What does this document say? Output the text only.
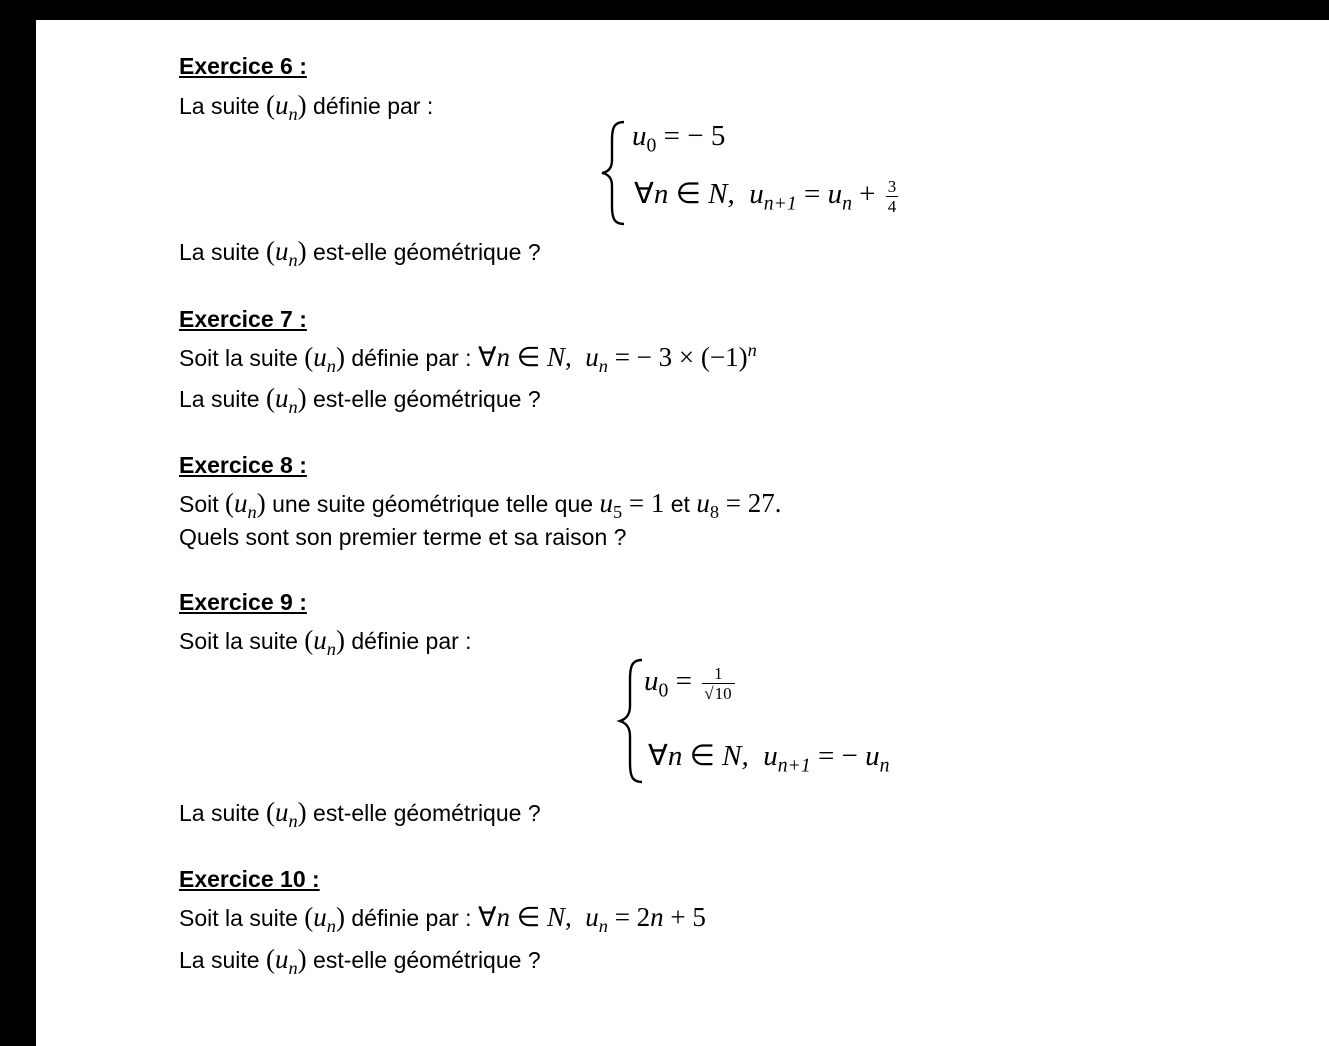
Exercice 6 :
La suite $(u_n)$ définie par :
$u_0$ = − 5
∀n ∈ N, $u_{n+1} = u_n + \frac{3}{4}$
La suite $(u_n)$ est-elle géométrique ?
Exercice 7 :
Soit la suite $(u_n)$ définie par : ∀n ∈ N, $u_n$ = − $3 \times (-1)^n$
La suite $(u_n)$ est-elle géométrique ?
Exercice 8 :
Soit $(u_n)$ une suite géométrique telle que $u_5 = 1$ et $u_8 = 27$.
Quels sont son premier terme et sa raison ?
Exercice 9 :
Soit la suite $(u_n)$ définie par :
$u_0 = \frac{1}{√10}$
∀n ∈ N, $u_{n+1}$ = − $u_n$
La suite $(u_n)$ est-elle géométrique ?
Exercice 10 :
Soit la suite $(u_n)$ définie par : ∀n ∈ N, $u_n = 2n + 5$
La suite $(u_n)$ est-elle géométrique ?
